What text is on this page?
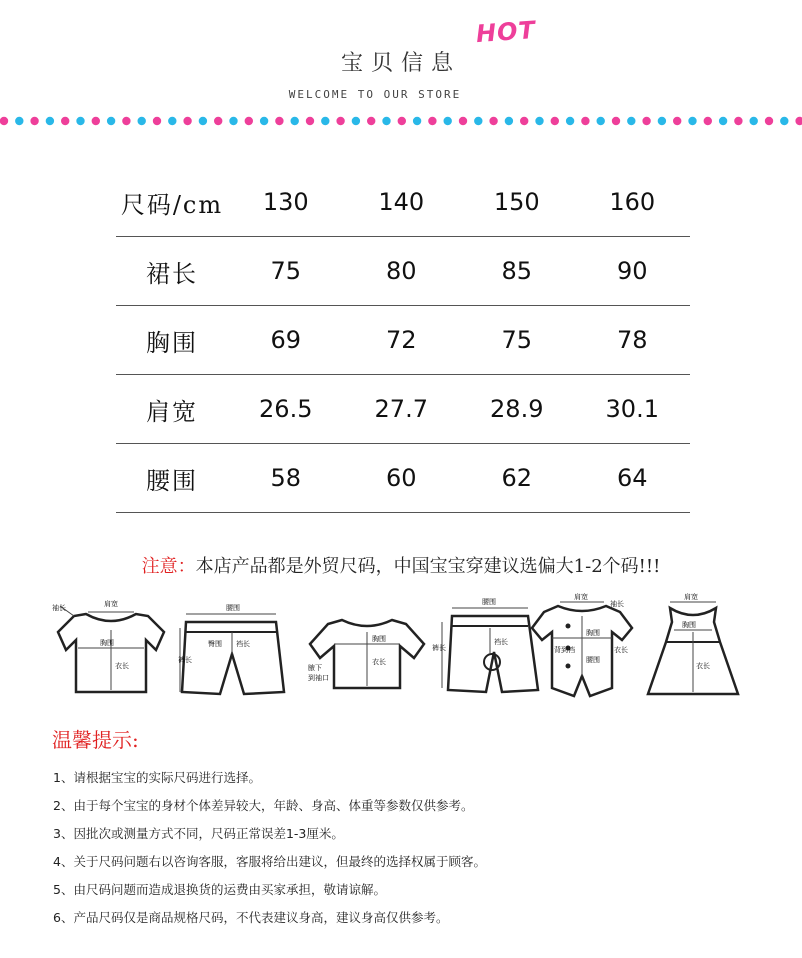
宝贝信息
HOT
WELCOME TO OUR STORE
尺码/cm	130	140	150	160
裙长	75	80	85	90
胸围	69	72	75	78
肩宽	26.5	27.7	28.9	30.1
腰围	58	60	62	64
注意：本店产品都是外贸尺码，中国宝宝穿建议选偏大1-2个码!!!
肩宽
袖长
胸围
衣长
腰围
臀围
裤长
裆长
胸围
腋下
到袖口
衣长
腰围
裤长
裆长
肩宽
袖长
胸围
背到裆
腰围
衣长
肩宽
胸围
衣长
温馨提示:
1、请根据宝宝的实际尺码进行选择。
2、由于每个宝宝的身材个体差异较大，年龄、身高、体重等参数仅供参考。
3、因批次或测量方式不同，尺码正常误差1-3厘米。
4、关于尺码问题右以咨询客服，客服将给出建议，但最终的选择权属于顾客。
5、由尺码问题而造成退换货的运费由买家承担，敬请谅解。
6、产品尺码仅是商品规格尺码，不代表建议身高，建议身高仅供参考。
